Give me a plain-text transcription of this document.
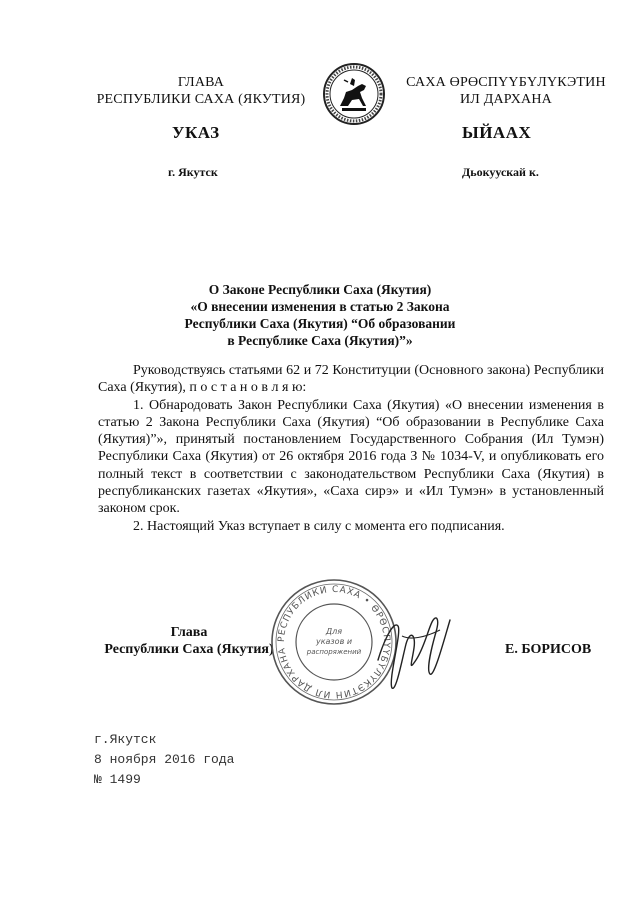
ГЛАВА
РЕСПУБЛИКИ САХА (ЯКУТИЯ)
САХА ӨРӨСПҮҮБҮЛҮКЭТИН
ИЛ ДАРХАНА
УКАЗ	ЫЙААХ
г. Якутск	Дьокуускай к.
О Законе Республики Саха (Якутия)
«О внесении изменения в статью 2 Закона
Республики Саха (Якутия) “Об образовании
в Республике Саха (Якутия)”»

Руководствуясь статьями 62 и 72 Конституции (Основного закона) Республики Саха (Якутия), п о с т а н о в л я ю:

1. Обнародовать Закон Республики Саха (Якутия) «О внесении изменения в статью 2 Закона Республики Саха (Якутия) “Об образовании в Республике Саха (Якутия)”», принятый постановлением Государственного Собрания (Ил Тумэн) Республики Саха (Якутия) от 26 октября 2016 года З № 1034-V, и опубликовать его полный текст в соответствии с законодательством Республики Саха (Якутия) в республиканских газетах «Якутия», «Саха сирэ» и «Ил Тумэн» в установленный законом срок.

2. Настоящий Указ вступает в силу с момента его подписания.

Глава
Республики Саха (Якутия)
РЕСПУБЛИКИ САХА • ӨРӨСПҮҮБҮЛҮКЭТИН ИЛ ДАРХАНА
Для
указов и
распоряжений	Е. БОРИСОВ
г.Якутск
8 ноября 2016 года
№ 1499
